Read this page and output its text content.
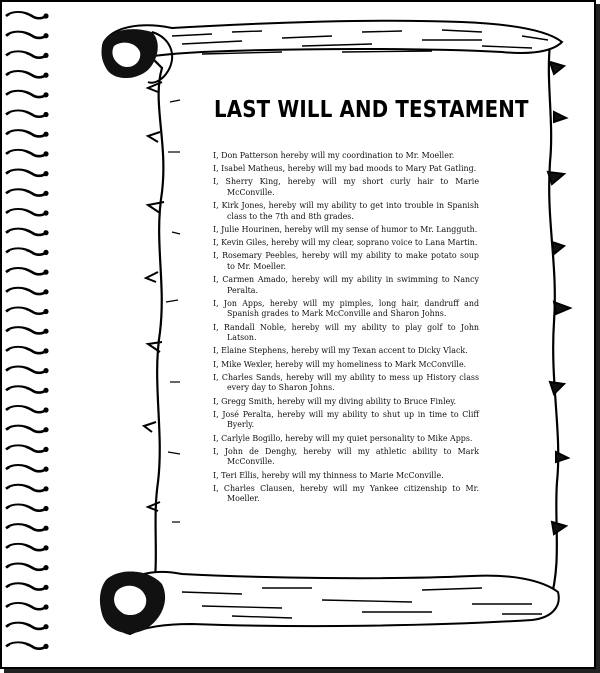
LAST WILL AND TESTAMENT

I, Don Patterson hereby will my coordination to Mr. Moeller.

I, Isabel Matheus, hereby will my bad moods to Mary Pat Gatling.

I, Sherry King, hereby will my short curly hair to Marie McConville.

I, Kirk Jones, hereby will my ability to get into trouble in Spanish class to the 7th and 8th grades.

I, Julie Hourinen, hereby will my sense of humor to Mr. Langguth.

I, Kevin Giles, hereby will my clear, soprano voice to Lana Martin.

I, Rosemary Peebles, hereby will my ability to make potato soup to Mr. Moeller.

I, Carmen Amado, hereby will my ability in swimming to Nancy Peralta.

I, Jon Apps, hereby will my pimples, long hair, dandruff and Spanish grades to Mark McConville and Sharon Johns.

I, Randall Noble, hereby will my ability to play golf to John Latson.

I, Elaine Stephens, hereby will my Texan accent to Dicky Vlack.

I, Mike Wexler, hereby will my homeliness to Mark McConville.

I, Charles Sands, hereby will my ability to mess up History class every day to Sharon Johns.

I, Gregg Smith, hereby will my diving ability to Bruce Finley.

I, José Peralta, hereby will my ability to shut up in time to Cliff Byerly.

I, Carlyle Bogillo, hereby will my quiet personality to Mike Apps.

I, John de Denghy, hereby will my athletic ability to Mark McConville.

I, Teri Ellis, hereby will my thinness to Marie McConville.

I, Charles Clausen, hereby will my Yankee citizenship to Mr. Moeller.
